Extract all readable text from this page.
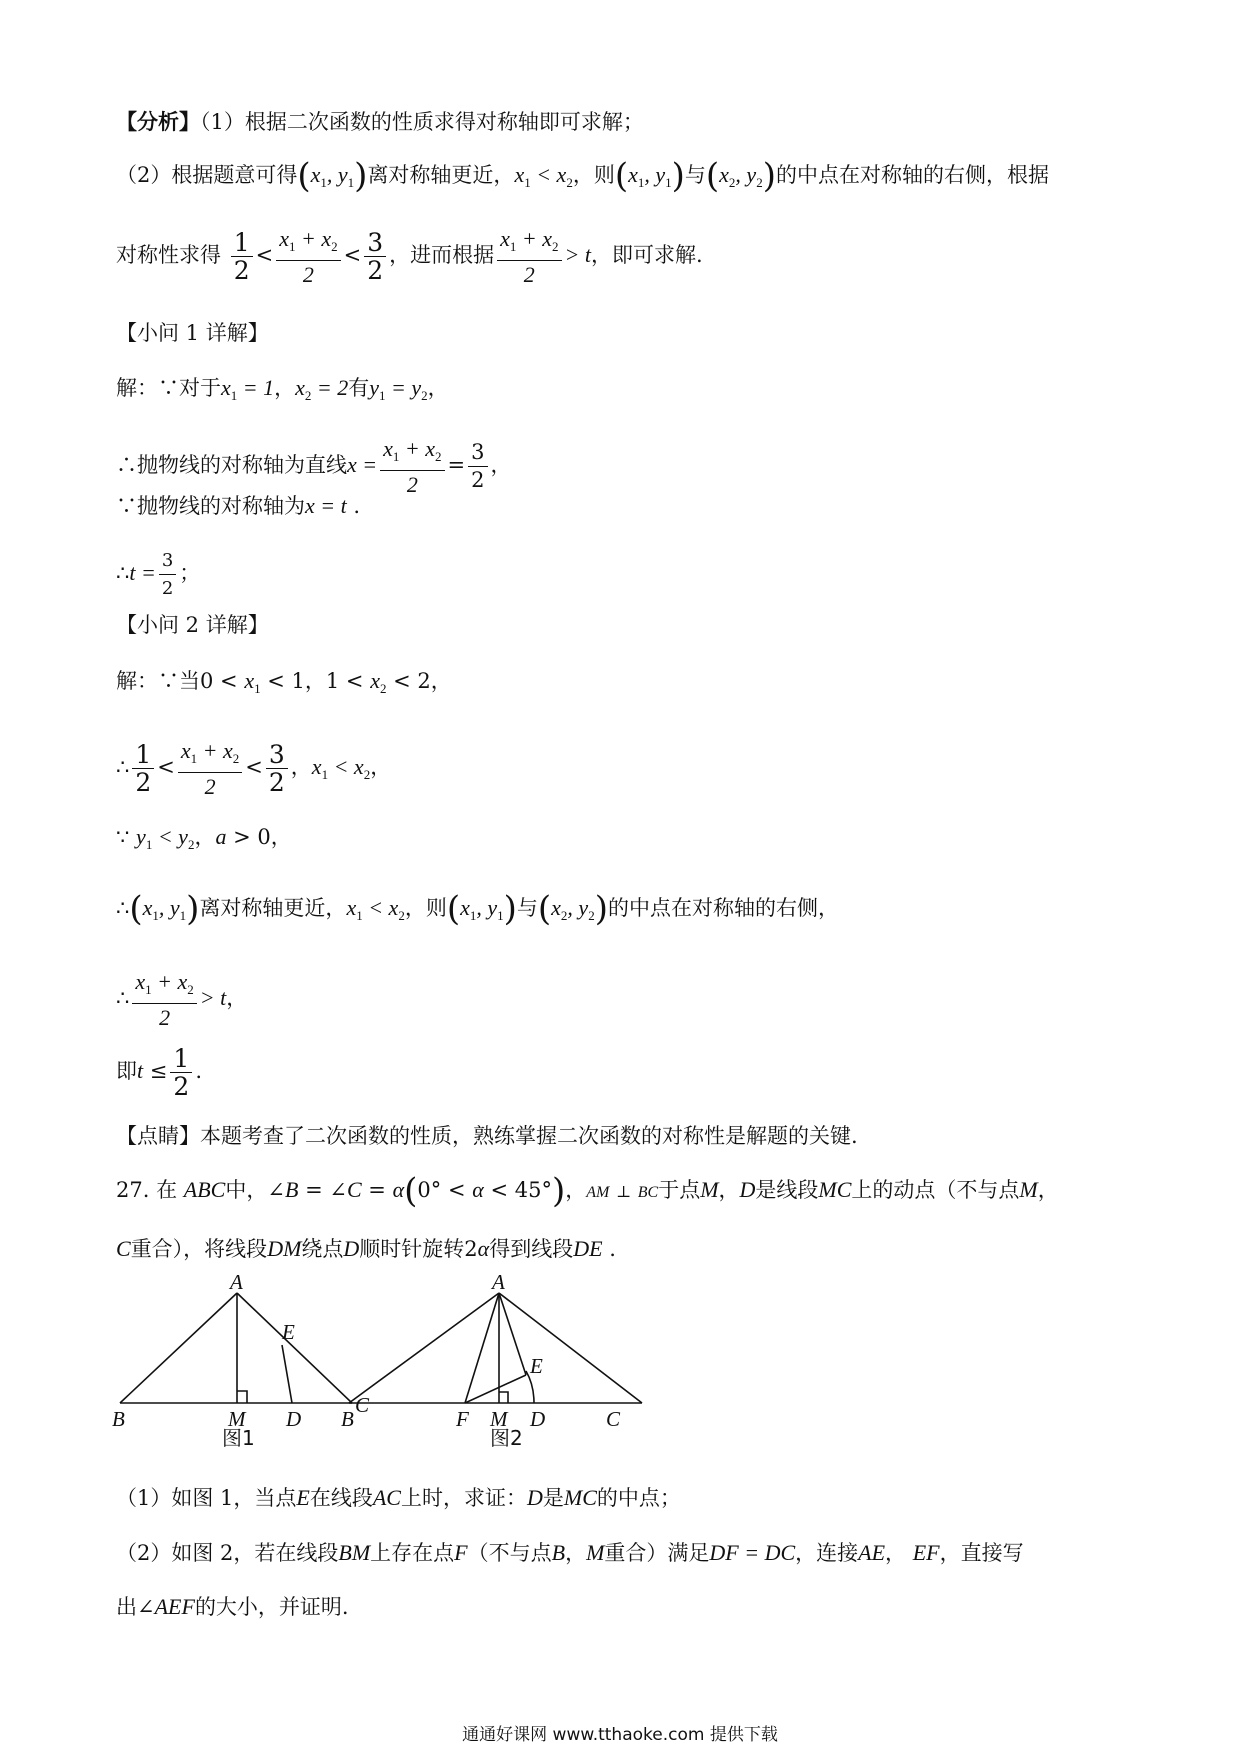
【分析】（1）根据二次函数的性质求得对称轴即可求解；
（2）根据题意可得($x_1$, $y_1$)离对称轴更近，$x_1 < x_2$，则($x_1$, $y_1$)与($x_2$, $y_2$)的中点在对称轴的右侧，根据
对称性求得 $\frac{1}{2} < \frac{x_1 + x_2}{2} < \frac{3}{2}$ ，进而根据 $\frac{x_1 + x_2}{2} > t$，即可求解.
【小问 1 详解】
解：∵对于$x_1 = 1$，$x_2 = 2$有$y_1 = y_2$，
∴抛物线的对称轴为直线$x = \frac{x_1 + x_2}{2} = \frac{3}{2}$ ，
∵抛物线的对称轴为x = t .
∴t = $\frac{3}{2}$ ；
【小问 2 详解】
解：∵当$0 < x_1 < 1$，$1 < x_2 < 2$，
∴ $\frac{1}{2} < \frac{x_1 + x_2}{2} < \frac{3}{2}$ ，$x_1 < x_2$，
∵ $y_1 < y_2$，a > 0，
$\therefore(x_1$, $y_1$)离对称轴更近，$x_1 < x_2$，则($x_1$, $y_1$)与($x_2$, $y_2$)的中点在对称轴的右侧，
∴ $\frac{x_1 + x_2}{2} > t$，
即$t \le \frac{1}{2}$ .
【点睛】本题考查了二次函数的性质，熟练掌握二次函数的对称性是解题的关键.
27. 在 ABC中，∠B = ∠C = α(0° < α < 45°)，AM ⊥ BC于点M，D是线段MC上的动点（不与点M，
C重合），将线段DM绕点D顺时针旋转2α得到线段DE .
A
E
B	M D
C
图1
A
E
B	F M D	C
图2
（1）如图 1，当点E在线段AC上时，求证：D是MC的中点；
（2）如图 2，若在线段BM上存在点F（不与点B，M重合）满足DF = DC，连接AE， EF，直接写
出∠AEF的大小，并证明.
通通好课网 www.tthaoke.com 提供下载
